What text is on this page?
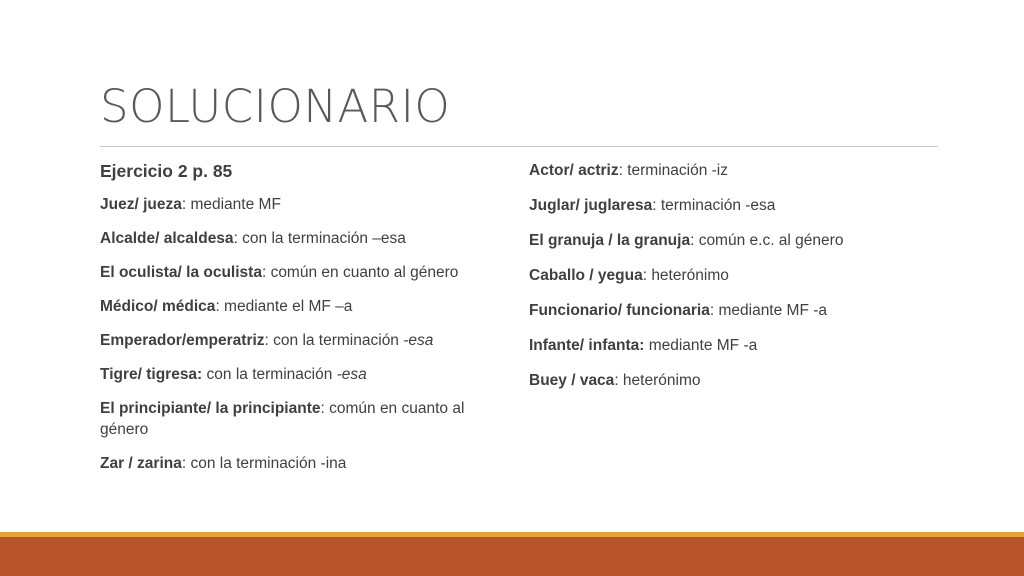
SOLUCIONARIO
Ejercicio 2 p. 85
Juez/ jueza: mediante MF
Alcalde/ alcaldesa: con la terminación –esa
El oculista/ la oculista: común en cuanto al género
Médico/ médica: mediante el MF –a
Emperador/emperatriz: con la terminación -esa
Tigre/ tigresa: con la terminación -esa
El principiante/ la principiante: común en cuanto al género
Zar / zarina: con la terminación -ina
Actor/ actriz: terminación -iz
Juglar/ juglaresa: terminación -esa
El granuja / la granuja: común e.c. al género
Caballo / yegua: heterónimo
Funcionario/ funcionaria: mediante MF -a
Infante/ infanta: mediante MF -a
Buey / vaca: heterónimo
